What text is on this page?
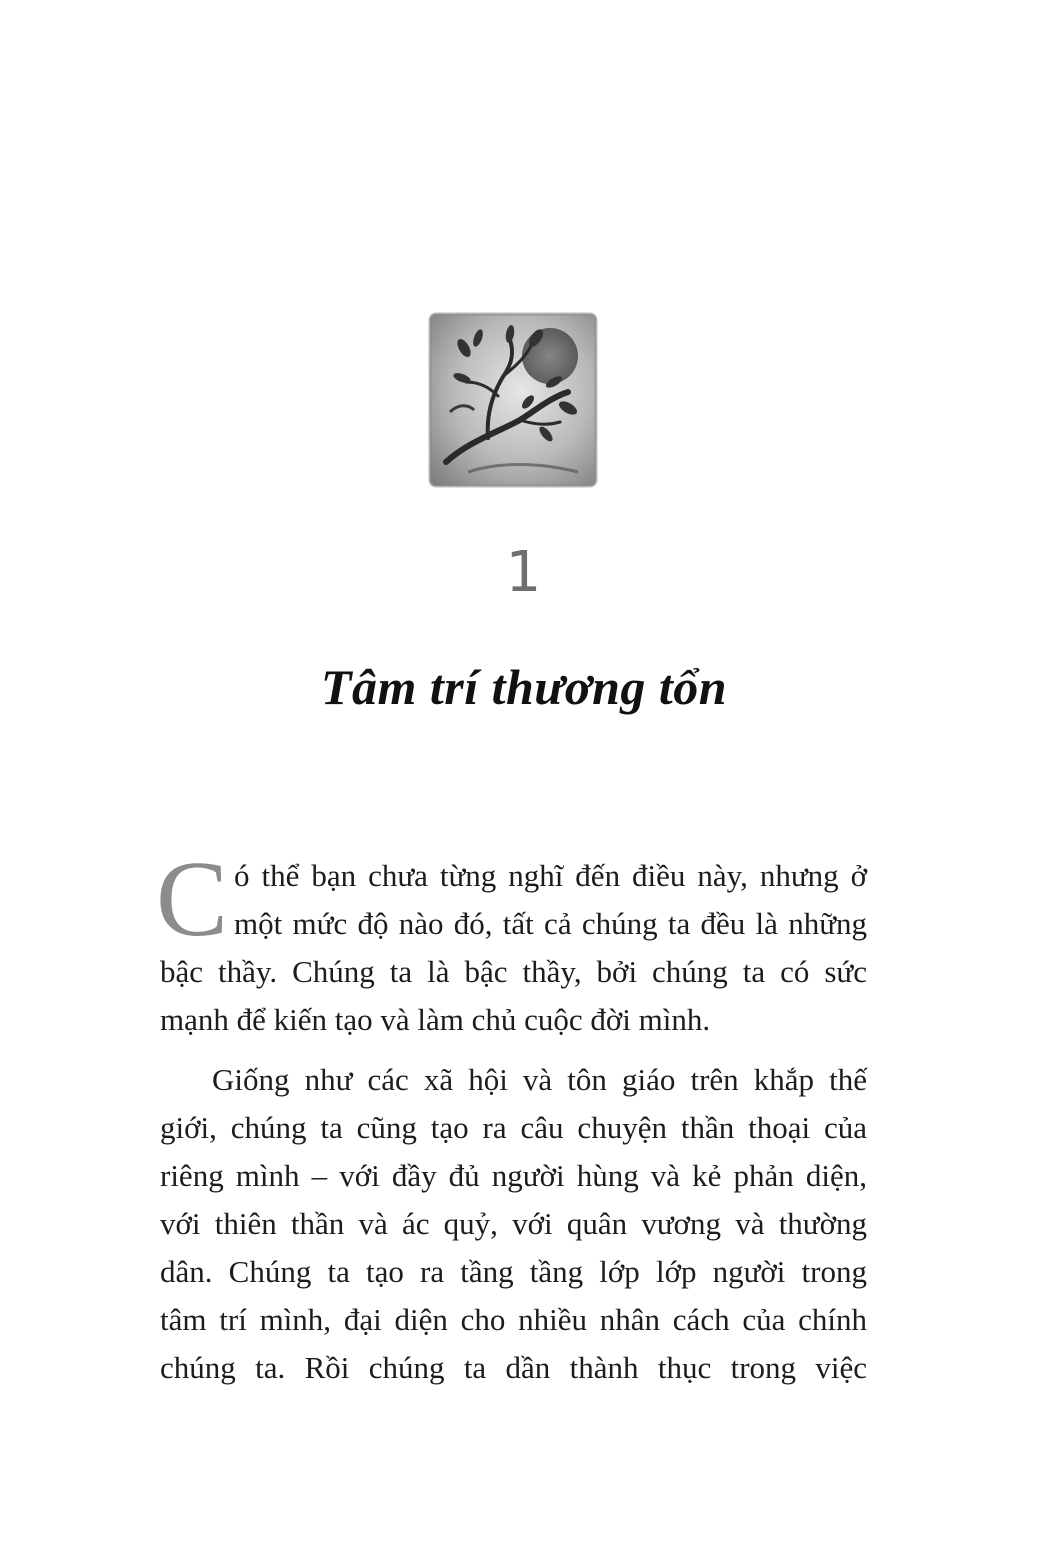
1
Tâm trí thương tổn
C ó thể bạn chưa từng nghĩ đến điều này, nhưng ở
một mức độ nào đó, tất cả chúng ta đều là những
bậc thầy. Chúng ta là bậc thầy, bởi chúng ta có sức
mạnh để kiến tạo và làm chủ cuộc đời mình.
Giống như các xã hội và tôn giáo trên khắp thế
giới, chúng ta cũng tạo ra câu chuyện thần thoại của
riêng mình – với đầy đủ người hùng và kẻ phản diện,
với thiên thần và ác quỷ, với quân vương và thường
dân. Chúng ta tạo ra tầng tầng lớp lớp người trong
tâm trí mình, đại diện cho nhiều nhân cách của chính
chúng ta. Rồi chúng ta dần thành thục trong việc
